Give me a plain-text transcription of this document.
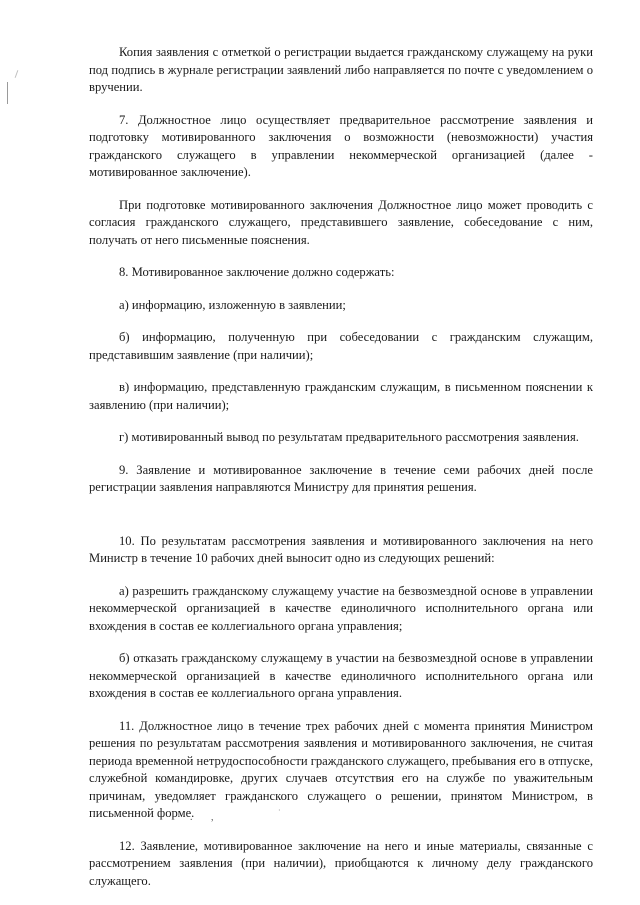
Копия заявления с отметкой о регистрации выдается гражданскому служащему на руки под подпись в журнале регистрации заявлений либо направляется по почте с уведомлением о вручении.

7. Должностное лицо осуществляет предварительное рассмотрение заявления и подготовку мотивированного заключения о возможности (невозможности) участия гражданского служащего в управлении некоммерческой организацией (далее - мотивированное заключение).

При подготовке мотивированного заключения Должностное лицо может проводить с согласия гражданского служащего, представившего заявление, собеседование с ним, получать от него письменные пояснения.

8. Мотивированное заключение должно содержать:

а) информацию, изложенную в заявлении;

б) информацию, полученную при собеседовании с гражданским служащим, представившим заявление (при наличии);

в) информацию, представленную гражданским служащим, в письменном пояснении к заявлению (при наличии);

г) мотивированный вывод по результатам предварительного рассмотрения заявления.

9. Заявление и мотивированное заключение в течение семи рабочих дней после регистрации заявления направляются Министру для принятия решения.

10. По результатам рассмотрения заявления и мотивированного заключения на него Министр в течение 10 рабочих дней выносит одно из следующих решений:

а) разрешить гражданскому служащему участие на безвозмездной основе в управлении некоммерческой организацией в качестве единоличного исполнительного органа или вхождения в состав ее коллегиального органа управления;

б) отказать гражданскому служащему в участии на безвозмездной основе в управлении некоммерческой организацией в качестве единоличного исполнительного органа или вхождения в состав ее коллегиального органа управления.

11. Должностное лицо в течение трех рабочих дней с момента принятия Министром решения по результатам рассмотрения заявления и мотивированного заключения, не считая периода временной нетрудоспособности гражданского служащего, пребывания его в отпуске, служебной командировке, других случаев отсутствия его на службе по уважительным причинам, уведомляет гражданского служащего о решении, принятом Министром, в письменной форме.

12. Заявление, мотивированное заключение на него и иные материалы, связанные с рассмотрением заявления (при наличии), приобщаются к личному делу гражданского служащего.

. ,
·
